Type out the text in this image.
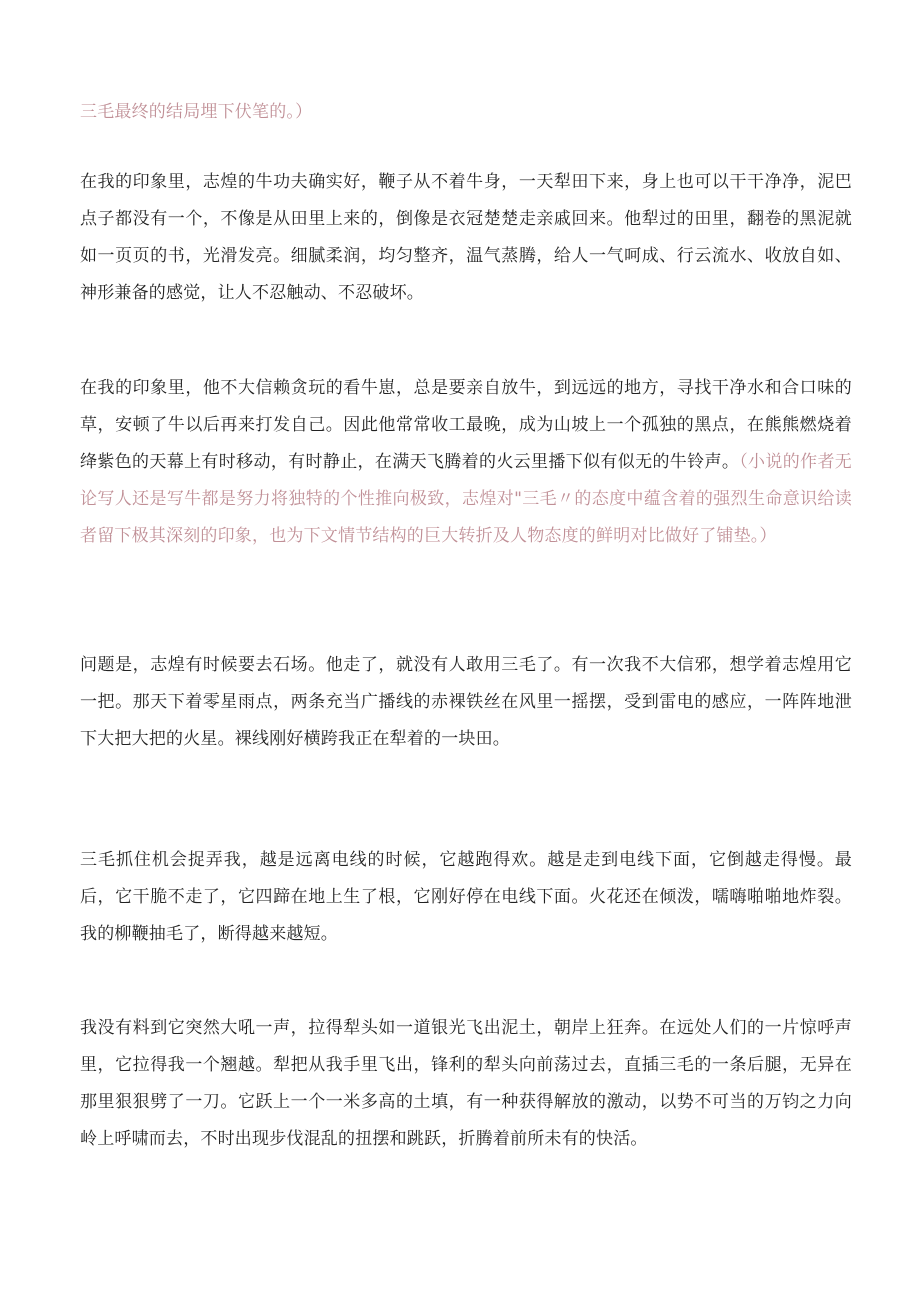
三毛最终的结局埋下伏笔的。）

在我的印象里，志煌的牛功夫确实好，鞭子从不着牛身，一天犁田下来，身上也可以干干净净，泥巴点子都没有一个，不像是从田里上来的，倒像是衣冠楚楚走亲戚回来。他犁过的田里，翻卷的黑泥就如一页页的书，光滑发亮。细腻柔润，均匀整齐，温气蒸腾，给人一气呵成、行云流水、收放自如、神形兼备的感觉，让人不忍触动、不忍破坏。

在我的印象里，他不大信赖贪玩的看牛崽，总是要亲自放牛，到远远的地方，寻找干净水和合口味的草，安顿了牛以后再来打发自己。因此他常常收工最晚，成为山坡上一个孤独的黑点，在熊熊燃烧着绛紫色的天幕上有时移动，有时静止，在满天飞腾着的火云里播下似有似无的牛铃声。（小说的作者无论写人还是写牛都是努力将独特的个性推向极致，志煌对"三毛〃的态度中蕴含着的强烈生命意识给读者留下极其深刻的印象，也为下文情节结构的巨大转折及人物态度的鲜明对比做好了铺垫。）

问题是，志煌有时候要去石场。他走了，就没有人敢用三毛了。有一次我不大信邪，想学着志煌用它一把。那天下着零星雨点，两条充当广播线的赤裸铁丝在风里一摇摆，受到雷电的感应，一阵阵地泄下大把大把的火星。裸线刚好横跨我正在犁着的一块田。

三毛抓住机会捉弄我，越是远离电线的时候，它越跑得欢。越是走到电线下面，它倒越走得慢。最后，它干脆不走了，它四蹄在地上生了根，它刚好停在电线下面。火花还在倾泼，嚅嗨啪啪地炸裂。我的柳鞭抽毛了，断得越来越短。

我没有料到它突然大吼一声，拉得犁头如一道银光飞出泥土，朝岸上狂奔。在远处人们的一片惊呼声里，它拉得我一个翘越。犁把从我手里飞出，锋利的犁头向前荡过去，直插三毛的一条后腿，无异在那里狠狠劈了一刀。它跃上一个一米多高的土填，有一种获得解放的激动，以势不可当的万钧之力向岭上呼啸而去，不时出现步伐混乱的扭摆和跳跃，折腾着前所未有的快活。
